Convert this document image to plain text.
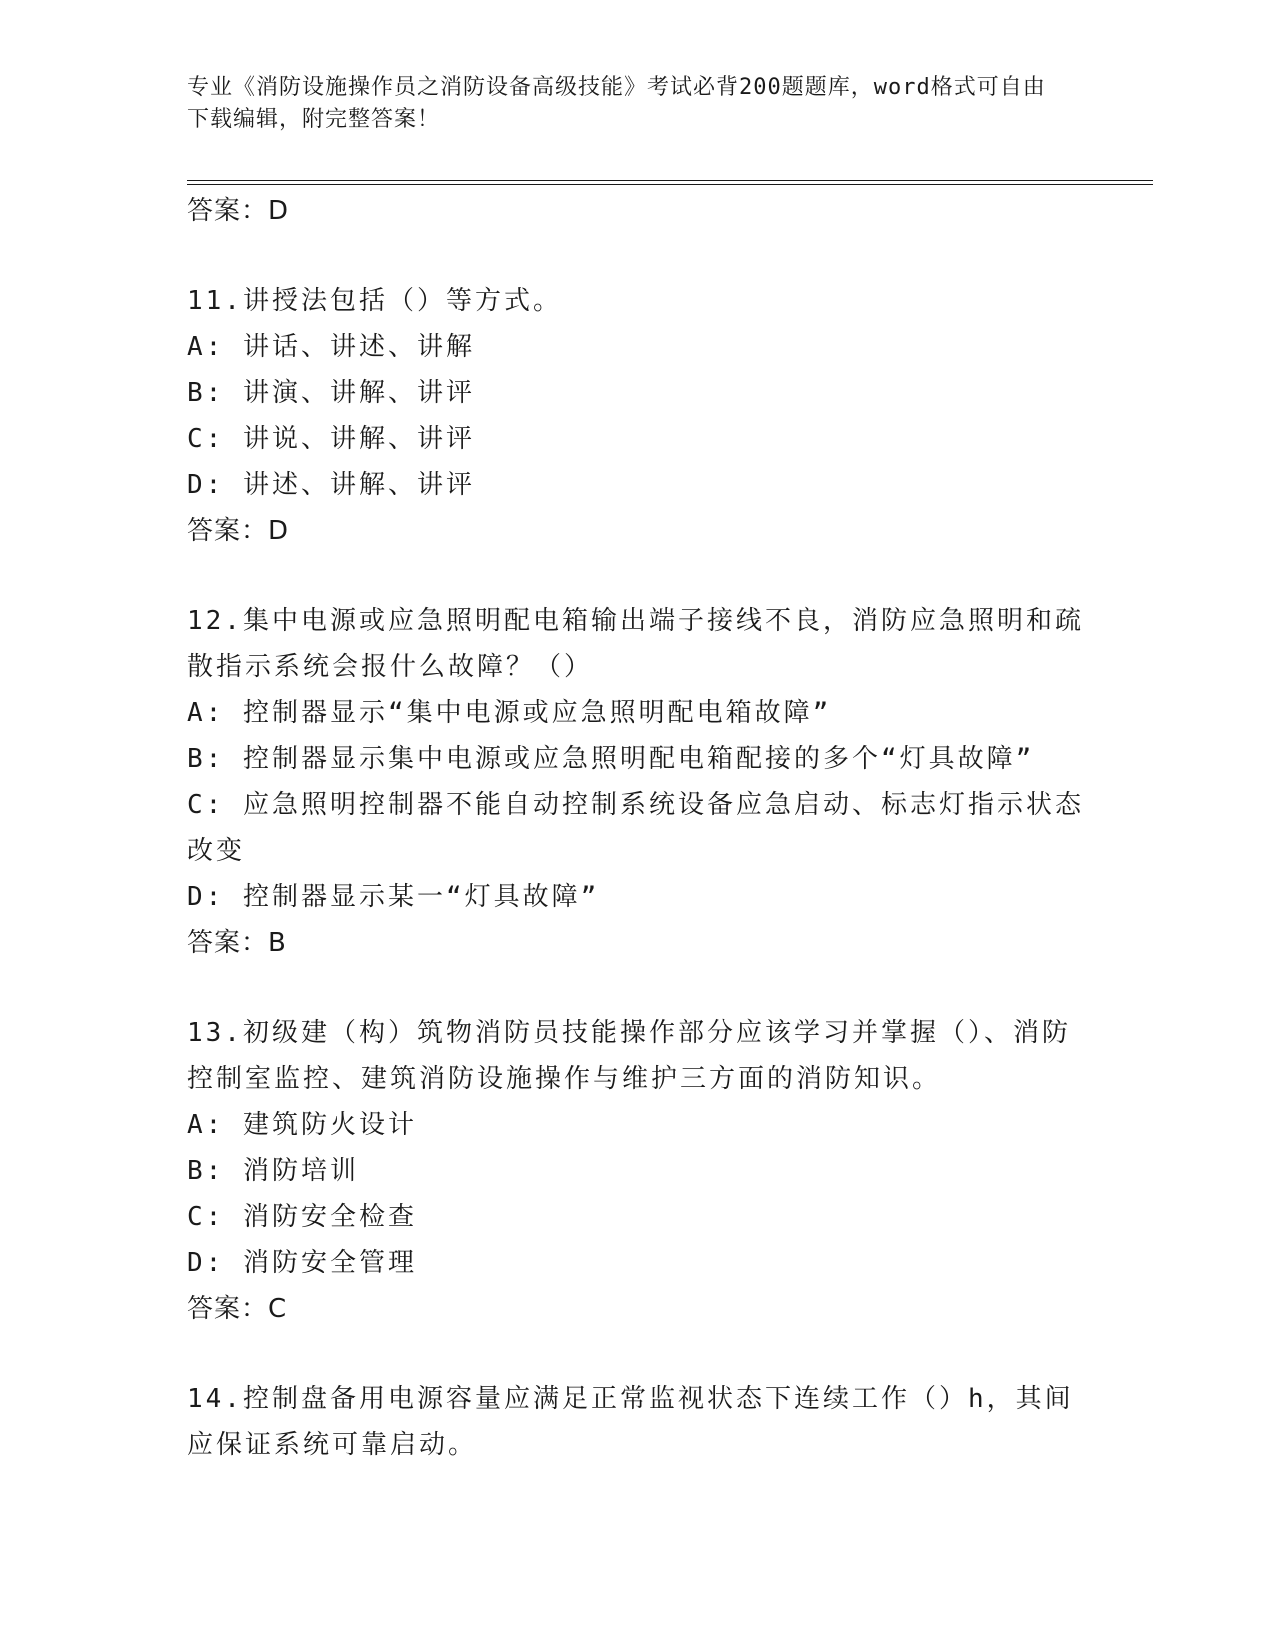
专业《消防设施操作员之消防设备高级技能》考试必背200题题库，word格式可自由下载编辑，附完整答案！
答案：D
11.讲授法包括（）等方式。
A: 讲话、讲述、讲解
B: 讲演、讲解、讲评
C: 讲说、讲解、讲评
D: 讲述、讲解、讲评
答案：D
12.集中电源或应急照明配电箱输出端子接线不良，消防应急照明和疏散指示系统会报什么故障？（）
A: 控制器显示“集中电源或应急照明配电箱故障”
B: 控制器显示集中电源或应急照明配电箱配接的多个“灯具故障”
C: 应急照明控制器不能自动控制系统设备应急启动、标志灯指示状态改变
D: 控制器显示某一“灯具故障”
答案：B
13.初级建（构）筑物消防员技能操作部分应该学习并掌握（）、消防控制室监控、建筑消防设施操作与维护三方面的消防知识。
A: 建筑防火设计
B: 消防培训
C: 消防安全检查
D: 消防安全管理
答案：C
14.控制盘备用电源容量应满足正常监视状态下连续工作（）h，其间应保证系统可靠启动。
